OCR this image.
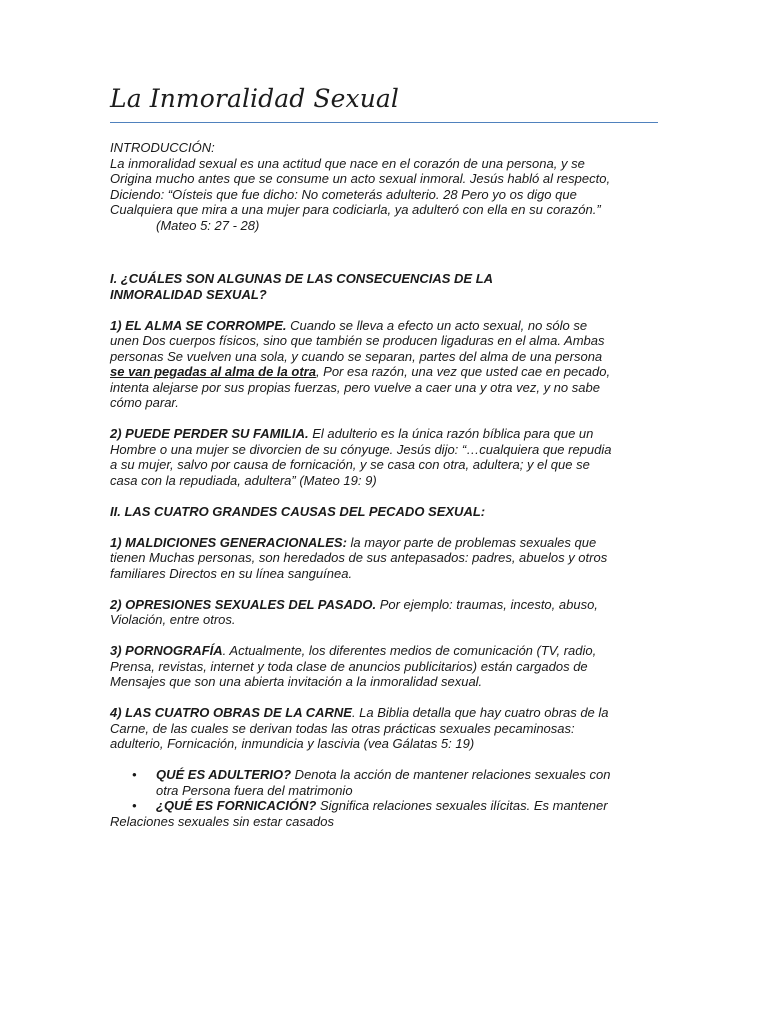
La Inmoralidad Sexual
INTRODUCCIÓN:
La inmoralidad sexual es una actitud que nace en el corazón de una persona, y se
Origina mucho antes que se consume un acto sexual inmoral. Jesús habló al respecto,
Diciendo: “Oísteis que fue dicho: No cometerás adulterio. 28 Pero yo os digo que
Cualquiera que mira a una mujer para codiciarla, ya adulteró con ella en su corazón.”
(Mateo 5: 27 - 28)
I. ¿CUÁLES SON ALGUNAS DE LAS CONSECUENCIAS DE LA
INMORALIDAD SEXUAL?
1) EL ALMA SE CORROMPE. Cuando se lleva a efecto un acto sexual, no sólo se
unen Dos cuerpos físicos, sino que también se producen ligaduras en el alma. Ambas
personas Se vuelven una sola, y cuando se separan, partes del alma de una persona
se van pegadas al alma de la otra, Por esa razón, una vez que usted cae en pecado,
intenta alejarse por sus propias fuerzas, pero vuelve a caer una y otra vez, y no sabe
cómo parar.
2) PUEDE PERDER SU FAMILIA. El adulterio es la única razón bíblica para que un
Hombre o una mujer se divorcien de su cónyuge. Jesús dijo: “…cualquiera que repudia
a su mujer, salvo por causa de fornicación, y se casa con otra, adultera; y el que se
casa con la repudiada, adultera” (Mateo 19: 9)
II. LAS CUATRO GRANDES CAUSAS DEL PECADO SEXUAL:
1) MALDICIONES GENERACIONALES: la mayor parte de problemas sexuales que
tienen Muchas personas, son heredados de sus antepasados: padres, abuelos y otros
familiares Directos en su línea sanguínea.
2) OPRESIONES SEXUALES DEL PASADO. Por ejemplo: traumas, incesto, abuso,
Violación, entre otros.
3) PORNOGRAFÍA. Actualmente, los diferentes medios de comunicación (TV, radio,
Prensa, revistas, internet y toda clase de anuncios publicitarios) están cargados de
Mensajes que son una abierta invitación a la inmoralidad sexual.
4) LAS CUATRO OBRAS DE LA CARNE. La Biblia detalla que hay cuatro obras de la
Carne, de las cuales se derivan todas las otras prácticas sexuales pecaminosas:
adulterio, Fornicación, inmundicia y lascivia (vea Gálatas 5: 19)
• QUÉ ES ADULTERIO? Denota la acción de mantener relaciones sexuales con
otra Persona fuera del matrimonio
• ¿QUÉ ES FORNICACIÓN? Significa relaciones sexuales ilícitas. Es mantener
Relaciones sexuales sin estar casados
